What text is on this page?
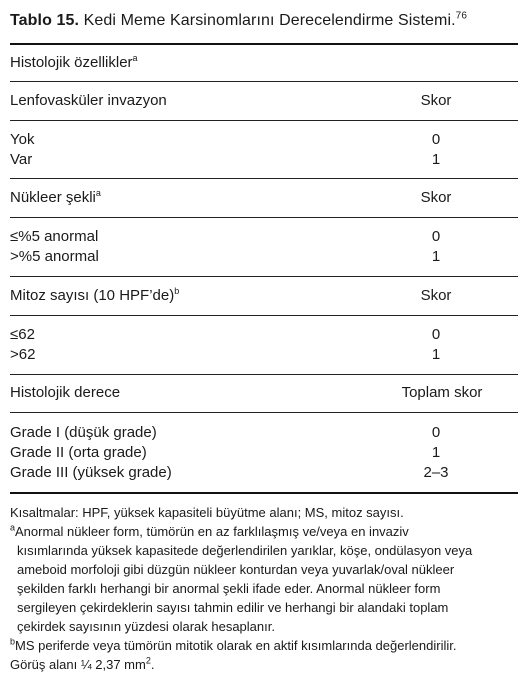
Tablo 15. Kedi Meme Karsinomlarını Derecelendirme Sistemi.$^{76}$
Histolojik özellikler$^a$
Lenfovasküler invazyon	Skor
Yok	0
Var	1
Nükleer şekli$^a$	Skor
≤%5 anormal	0
>%5 anormal	1
Mitoz sayısı (10 HPF’de)$^b$	Skor
≤62	0
>62	1
Histolojik derece	Toplam skor
Grade I (düşük grade)	0
Grade II (orta grade)	1
Grade III (yüksek grade)	2–3
Kısaltmalar: HPF, yüksek kapasiteli büyütme alanı; MS, mitoz sayısı.
$^a$Anormal nükleer form, tümörün en az farklılaşmış ve/veya en invaziv
kısımlarında yüksek kapasitede değerlendirilen yarıklar, köşe, ondülasyon veya
ameboid morfoloji gibi düzgün nükleer konturdan veya yuvarlak/oval nükleer
şekilden farklı herhangi bir anormal şekli ifade eder. Anormal nükleer form
sergileyen çekirdeklerin sayısı tahmin edilir ve herhangi bir alandaki toplam
çekirdek sayısının yüzdesi olarak hesaplanır.
$^b$MS periferde veya tümörün mitotik olarak en aktif kısımlarında değerlendirilir.
Görüş alanı ¼ 2,37 $mm^2$.
